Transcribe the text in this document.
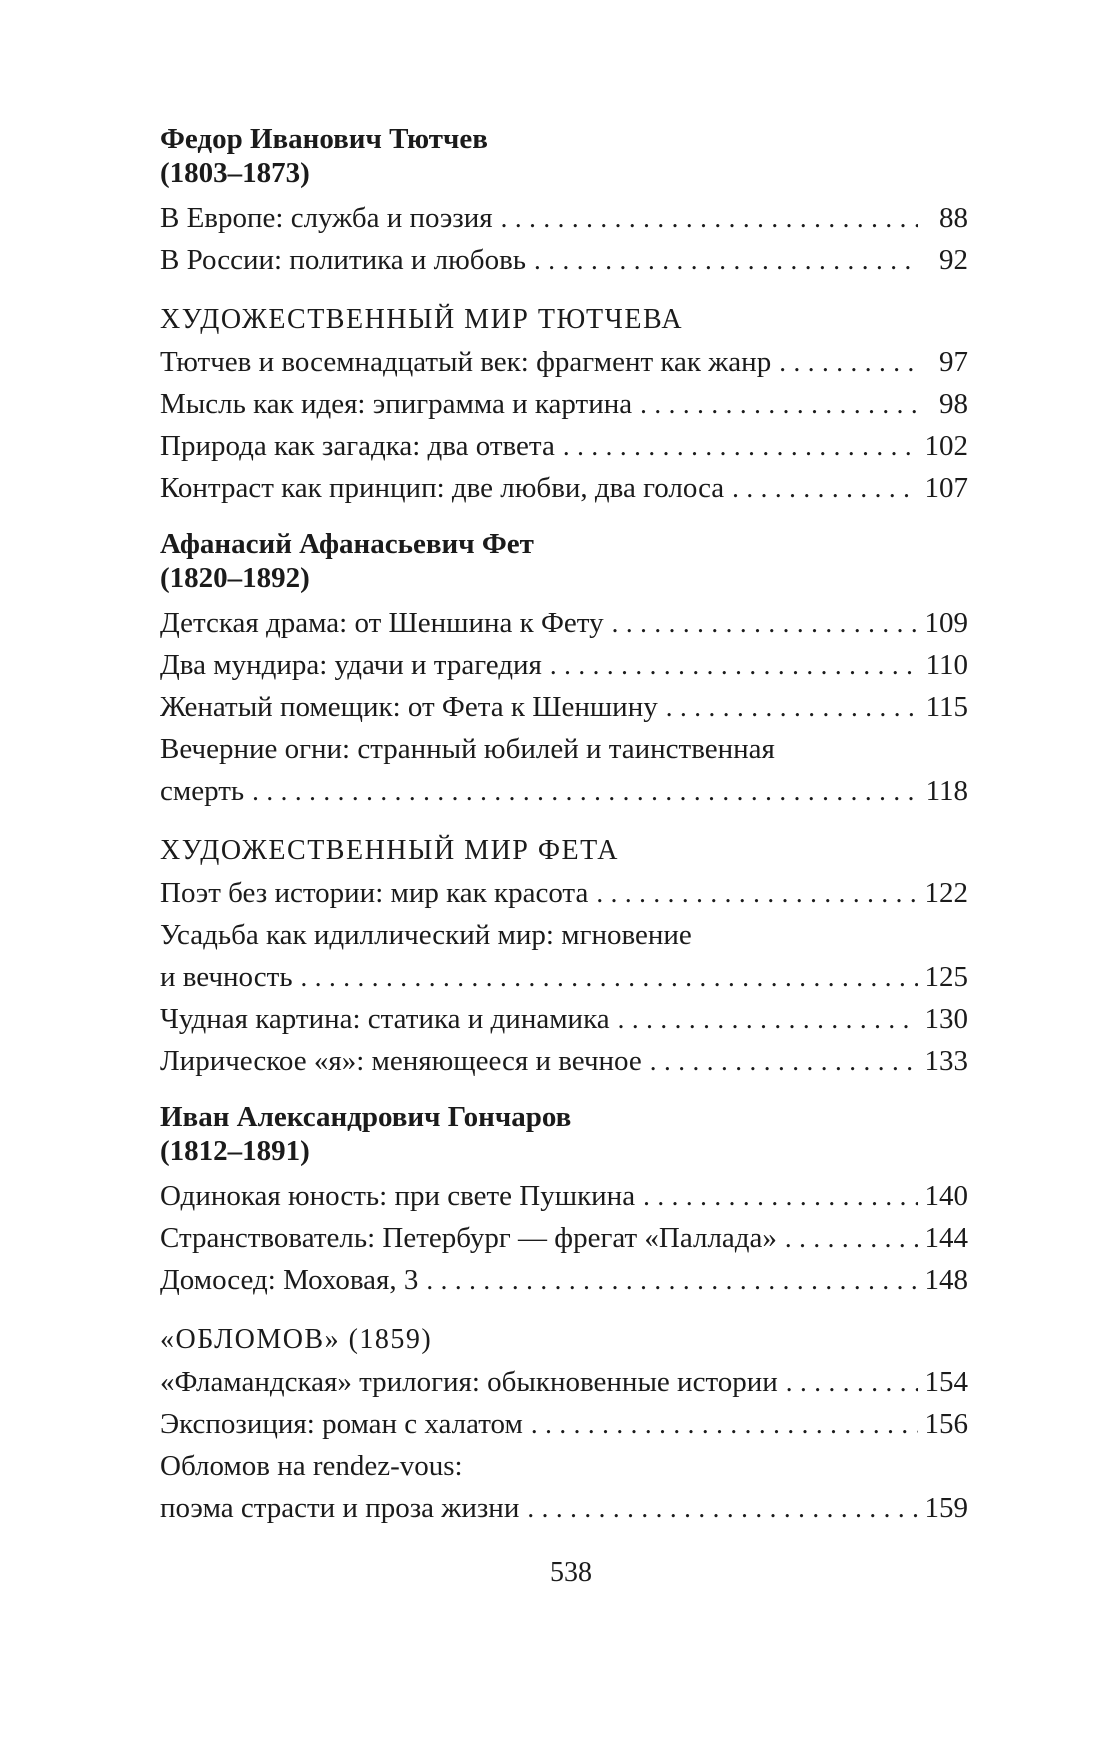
Федор Иванович Тютчев
(1803–1873)
В Европе: служба и поэзия .....	88
В России: политика и любовь .....	92
ХУДОЖЕСТВЕННЫЙ МИР ТЮТЧЕВА
Тютчев и восемнадцатый век: фрагмент как жанр .....	97
Мысль как идея: эпиграмма и картина .....	98
Природа как загадка: два ответа .....	102
Контраст как принцип: две любви, два голоса .....	107
Афанасий Афанасьевич Фет
(1820–1892)
Детская драма: от Шеншина к Фету .....	109
Два мундира: удачи и трагедия .....	110
Женатый помещик: от Фета к Шеншину .....	115
Вечерние огни: странный юбилей и таинственная
смерть .....	118
ХУДОЖЕСТВЕННЫЙ МИР ФЕТА
Поэт без истории: мир как красота .....	122
Усадьба как идиллический мир: мгновение
и вечность .....	125
Чудная картина: статика и динамика .....	130
Лирическое «я»: меняющееся и вечное .....	133
Иван Александрович Гончаров
(1812–1891)
Одинокая юность: при свете Пушкина .....	140
Странствователь: Петербург — фрегат «Паллада» .....	144
Домосед: Моховая, 3 .....	148
«ОБЛОМОВ» (1859)
«Фламандская» трилогия: обыкновенные истории .....	154
Экспозиция: роман с халатом .....	156
Обломов на rendez-vous:
поэма страсти и проза жизни .....	159
538
